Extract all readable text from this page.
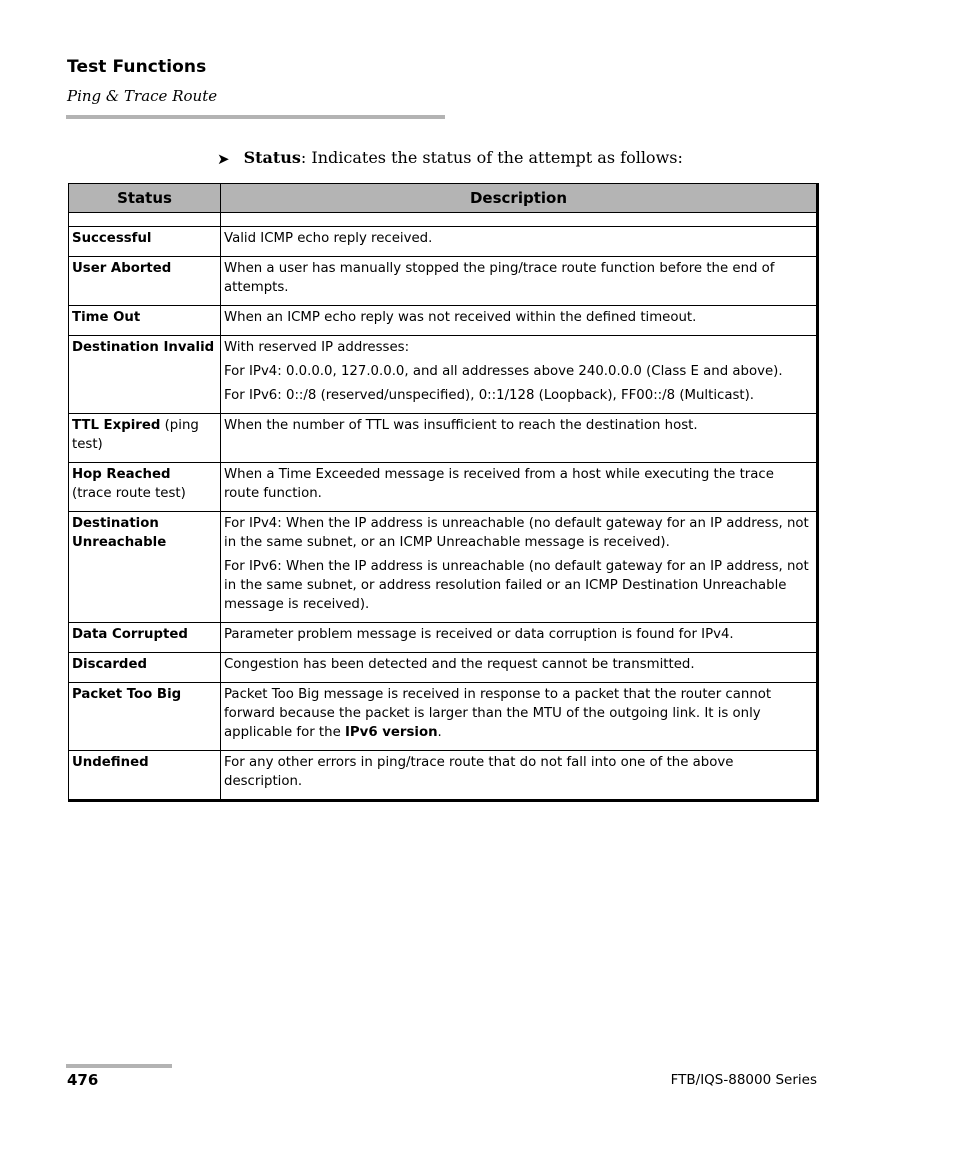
Test Functions
Ping & Trace Route
➤ Status: Indicates the status of the attempt as follows:
Status	Description

Successful	Valid ICMP echo reply received.

User Aborted	When a user has manually stopped the ping/trace route function before the end of attempts.

Time Out	When an ICMP echo reply was not received within the defined timeout.

Destination Invalid	With reserved IP addresses:

For IPv4: 0.0.0.0, 127.0.0.0, and all addresses above 240.0.0.0 (Class E and above).

For IPv6: 0::/8 (reserved/unspecified), 0::1/128 (Loopback), FF00::/8 (Multicast).

TTL Expired (ping test)	When the number of TTL was insufficient to reach the destination host.

Hop Reached
(trace route test)	When a Time Exceeded message is received from a host while executing the trace route function.

Destination Unreachable	For IPv4: When the IP address is unreachable (no default gateway for an IP address, not in the same subnet, or an ICMP Unreachable message is received).

For IPv6: When the IP address is unreachable (no default gateway for an IP address, not in the same subnet, or address resolution failed or an ICMP Destination Unreachable message is received).

Data Corrupted	Parameter problem message is received or data corruption is found for IPv4.

Discarded	Congestion has been detected and the request cannot be transmitted.

Packet Too Big	Packet Too Big message is received in response to a packet that the router cannot forward because the packet is larger than the MTU of the outgoing link. It is only applicable for the IPv6 version.

Undefined	For any other errors in ping/trace route that do not fall into one of the above description.

476	FTB/IQS-88000 Series
